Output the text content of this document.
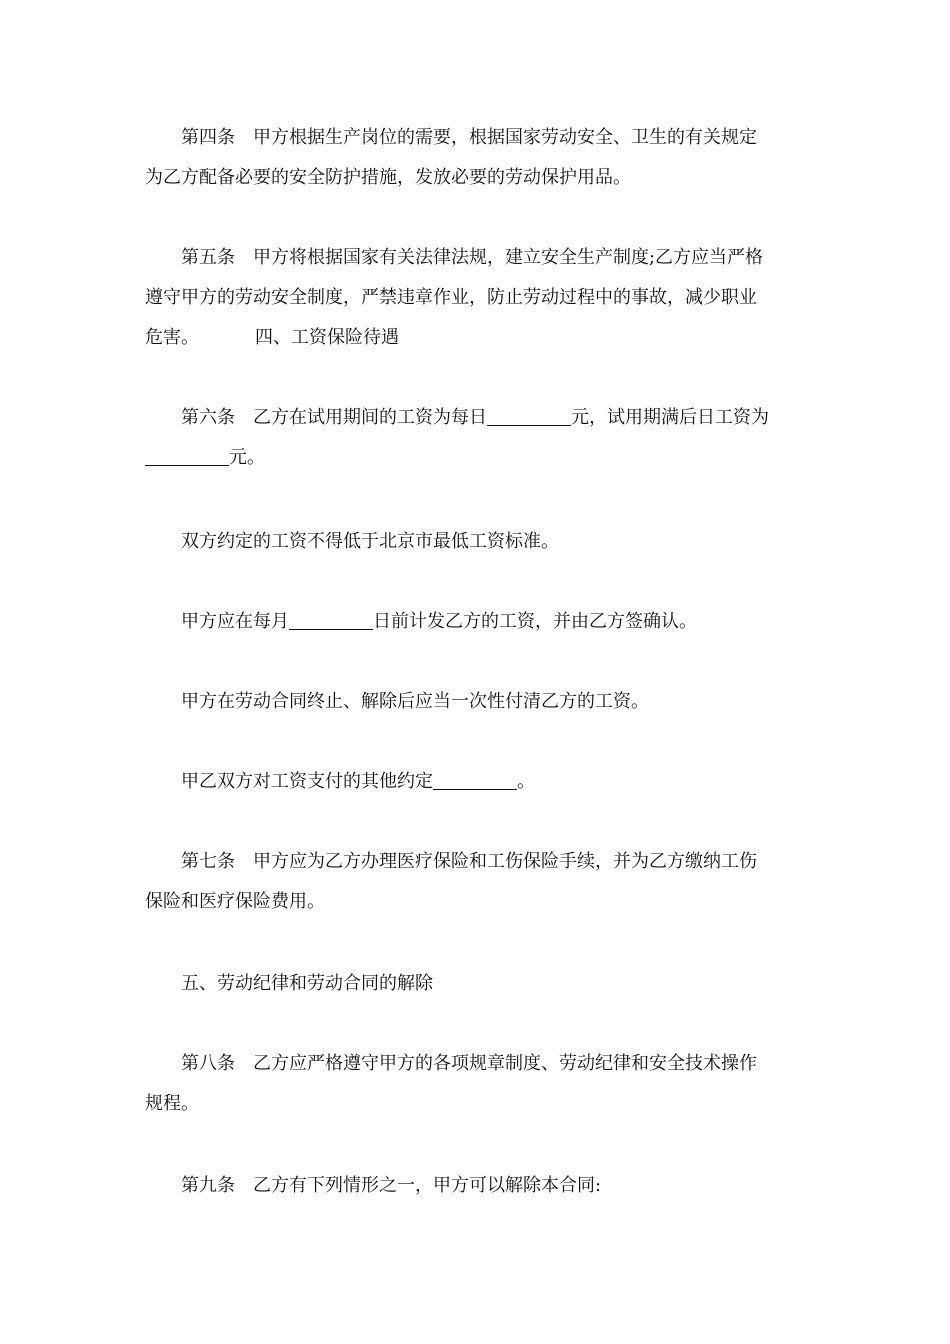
第四条 甲方根据生产岗位的需要，根据国家劳动安全、卫生的有关规定
为乙方配备必要的安全防护措施，发放必要的劳动保护用品。
第五条 甲方将根据国家有关法律法规，建立安全生产制度;乙方应当严格
遵守甲方的劳动安全制度，严禁违章作业，防止劳动过程中的事故，减少职业
危害。	四、工资保险待遇
第六条 乙方在试用期间的工资为每日	元，试用期满后日工资为
元。
双方约定的工资不得低于北京市最低工资标准。
甲方应在每月	日前计发乙方的工资，并由乙方签确认。
甲方在劳动合同终止、解除后应当一次性付清乙方的工资。
甲乙双方对工资支付的其他约定	。
第七条 甲方应为乙方办理医疗保险和工伤保险手续，并为乙方缴纳工伤
保险和医疗保险费用。
五、劳动纪律和劳动合同的解除
第八条 乙方应严格遵守甲方的各项规章制度、劳动纪律和安全技术操作
规程。
第九条 乙方有下列情形之一，甲方可以解除本合同:
